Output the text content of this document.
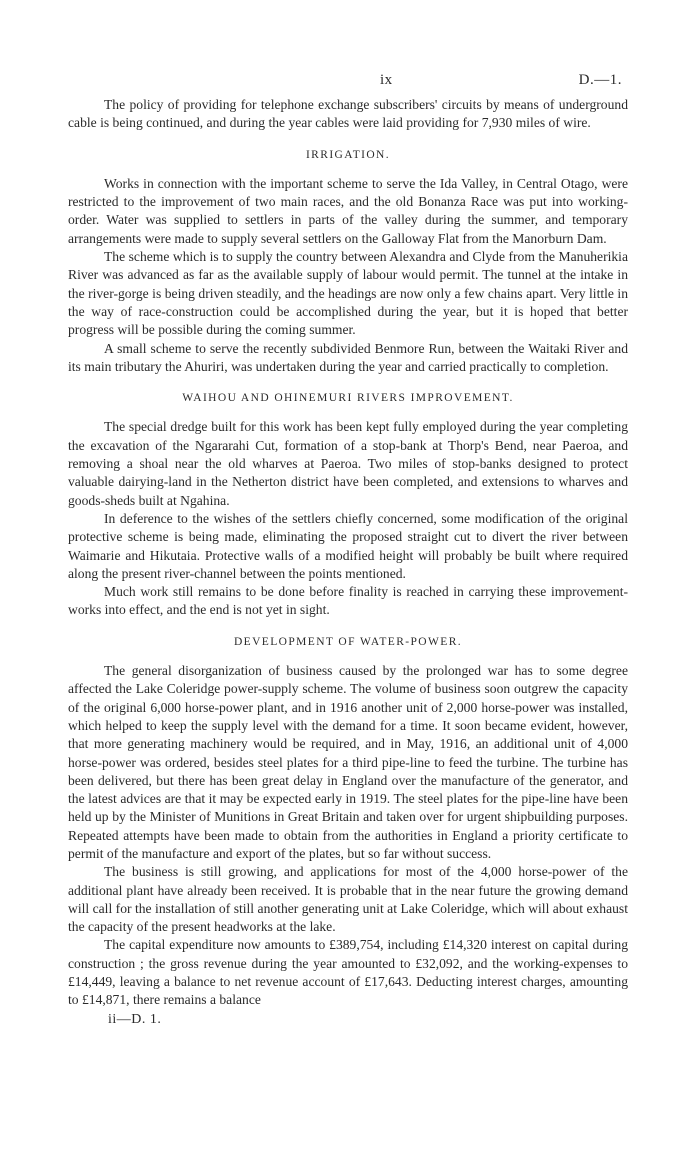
ix	D.—1.

The policy of providing for telephone exchange subscribers' circuits by means of underground cable is being continued, and during the year cables were laid providing for 7,930 miles of wire.

IRRIGATION.

Works in connection with the important scheme to serve the Ida Valley, in Central Otago, were restricted to the improvement of two main races, and the old Bonanza Race was put into working-order. Water was supplied to settlers in parts of the valley during the summer, and temporary arrangements were made to supply several settlers on the Galloway Flat from the Manorburn Dam.

The scheme which is to supply the country between Alexandra and Clyde from the Manuherikia River was advanced as far as the available supply of labour would permit. The tunnel at the intake in the river-gorge is being driven steadily, and the headings are now only a few chains apart. Very little in the way of race-construction could be accomplished during the year, but it is hoped that better progress will be possible during the coming summer.

A small scheme to serve the recently subdivided Benmore Run, between the Waitaki River and its main tributary the Ahuriri, was undertaken during the year and carried practically to completion.

WAIHOU AND OHINEMURI RIVERS IMPROVEMENT.

The special dredge built for this work has been kept fully employed during the year completing the excavation of the Ngararahi Cut, formation of a stop-bank at Thorp's Bend, near Paeroa, and removing a shoal near the old wharves at Paeroa. Two miles of stop-banks designed to protect valuable dairying-land in the Netherton district have been completed, and extensions to wharves and goods-sheds built at Ngahina.

In deference to the wishes of the settlers chiefly concerned, some modification of the original protective scheme is being made, eliminating the proposed straight cut to divert the river between Waimarie and Hikutaia. Protective walls of a modified height will probably be built where required along the present river-channel between the points mentioned.

Much work still remains to be done before finality is reached in carrying these improvement-works into effect, and the end is not yet in sight.

DEVELOPMENT OF WATER-POWER.

The general disorganization of business caused by the prolonged war has to some degree affected the Lake Coleridge power-supply scheme. The volume of business soon outgrew the capacity of the original 6,000 horse-power plant, and in 1916 another unit of 2,000 horse-power was installed, which helped to keep the supply level with the demand for a time. It soon became evident, however, that more generating machinery would be required, and in May, 1916, an additional unit of 4,000 horse-power was ordered, besides steel plates for a third pipe-line to feed the turbine. The turbine has been delivered, but there has been great delay in England over the manufacture of the generator, and the latest advices are that it may be expected early in 1919. The steel plates for the pipe-line have been held up by the Minister of Munitions in Great Britain and taken over for urgent shipbuilding purposes. Repeated attempts have been made to obtain from the authorities in England a priority certificate to permit of the manufacture and export of the plates, but so far without success.

The business is still growing, and applications for most of the 4,000 horse-power of the additional plant have already been received. It is probable that in the near future the growing demand will call for the installation of still another generating unit at Lake Coleridge, which will about exhaust the capacity of the present headworks at the lake.

The capital expenditure now amounts to £389,754, including £14,320 interest on capital during construction ; the gross revenue during the year amounted to £32,092, and the working-expenses to £14,449, leaving a balance to net revenue account of £17,643. Deducting interest charges, amounting to £14,871, there remains a balance

ii—D. 1.
